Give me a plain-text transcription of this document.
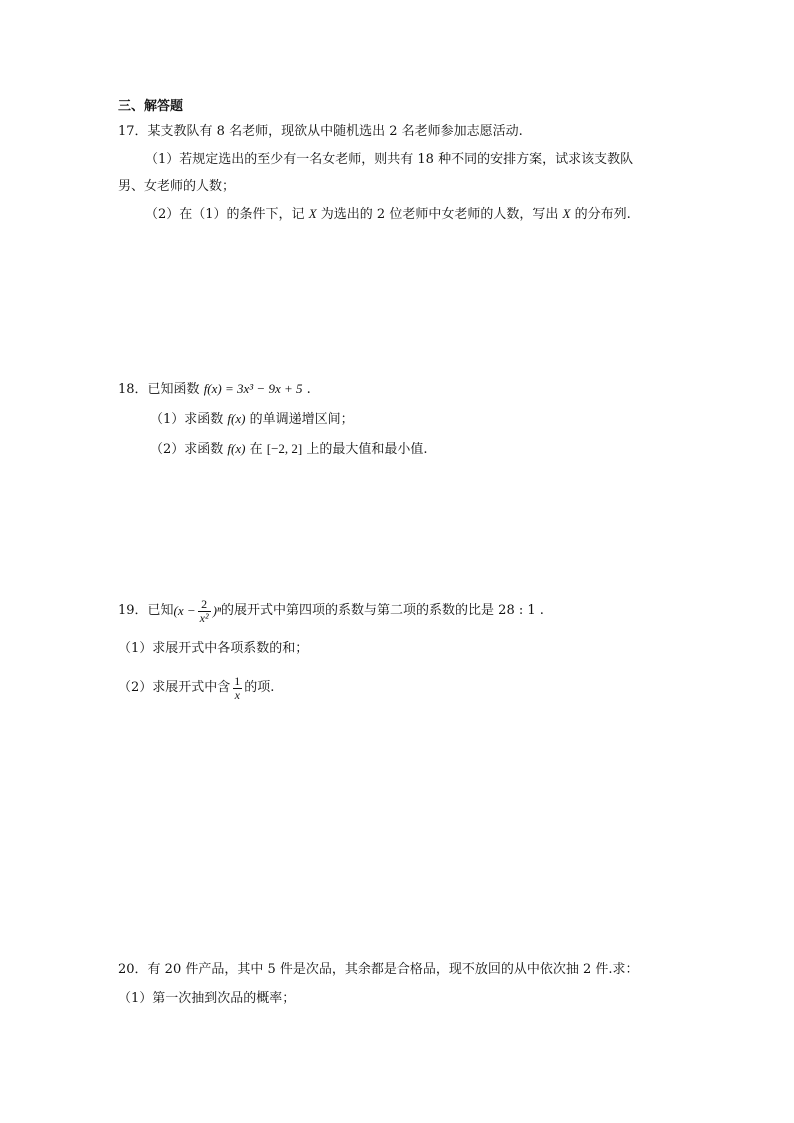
三、解答题
17．某支教队有 8 名老师，现欲从中随机选出 2 名老师参加志愿活动.
（1）若规定选出的至少有一名女老师，则共有 18 种不同的安排方案，试求该支教队
男、女老师的人数；
（2）在（1）的条件下，记 X 为选出的 2 位老师中女老师的人数，写出 X 的分布列.
18．已知函数 f(x) = 3x³ − 9x + 5 .
（1）求函数 f(x) 的单调递增区间；
（2）求函数 f(x) 在 [−2, 2] 上的最大值和最小值.
19．已知 $(x - \frac{2}{\text{x²}} )^n$ 的展开式中第四项的系数与第二项的系数的比是 28 : 1 .
（1）求展开式中各项系数的和；
（2）求展开式中含 $\frac{1}{x}$ 的项.
20．有 20 件产品，其中 5 件是次品，其余都是合格品，现不放回的从中依次抽 2 件.求：
（1）第一次抽到次品的概率；
